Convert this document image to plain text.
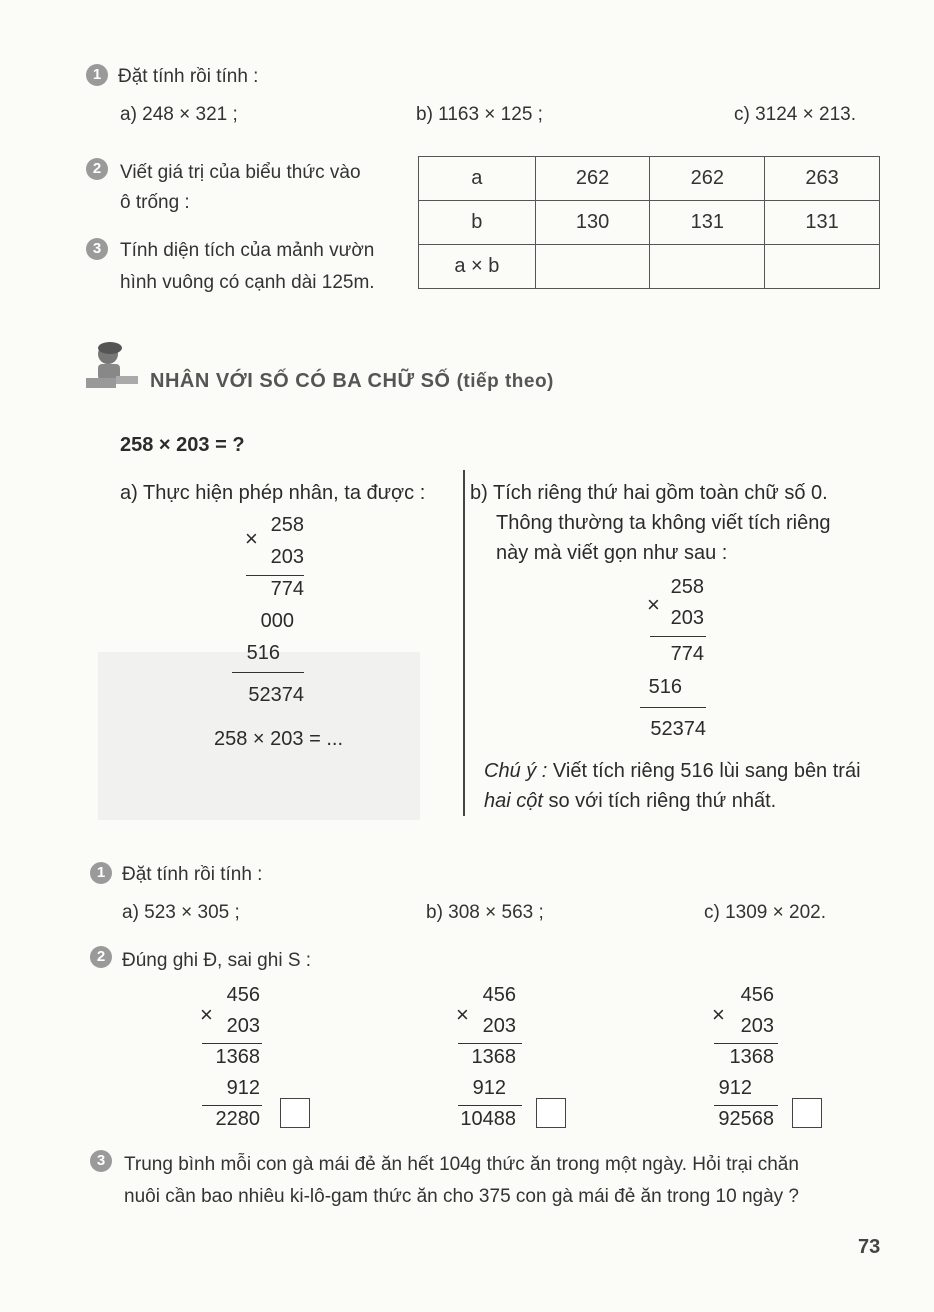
1 Đặt tính rồi tính :
a) 248 × 321 ;	b) 1163 × 125 ;	c) 3124 × 213.
2 Viết giá trị của biểu thức vào
ô trống :
a	262	262	263
b	130	131	131
a × b			
3 Tính diện tích của mảnh vườn
hình vuông có cạnh dài 125m.
NHÂN VỚI SỐ CÓ BA CHỮ SỐ (tiếp theo)
258 × 203 = ?
a) Thực hiện phép nhân, ta được :
×
258
203
774
000
516
52374
258 × 203 = ...
b) Tích riêng thứ hai gồm toàn chữ số 0.
Thông thường ta không viết tích riêng
này mà viết gọn như sau :
×
258
203
774
516
52374
Chú ý : Viết tích riêng 516 lùi sang bên trái
hai cột so với tích riêng thứ nhất.
1 Đặt tính rồi tính :
a) 523 × 305 ;	b) 308 × 563 ;	c) 1309 × 202.
2 Đúng ghi Đ, sai ghi S :
×
456
203
1368
912
2280
×
456
203
1368
912
10488
×
456
203
1368
912
92568
3 Trung bình mỗi con gà mái đẻ ăn hết 104g thức ăn trong một ngày. Hỏi trại chăn
nuôi cần bao nhiêu ki-lô-gam thức ăn cho 375 con gà mái đẻ ăn trong 10 ngày ?
73
